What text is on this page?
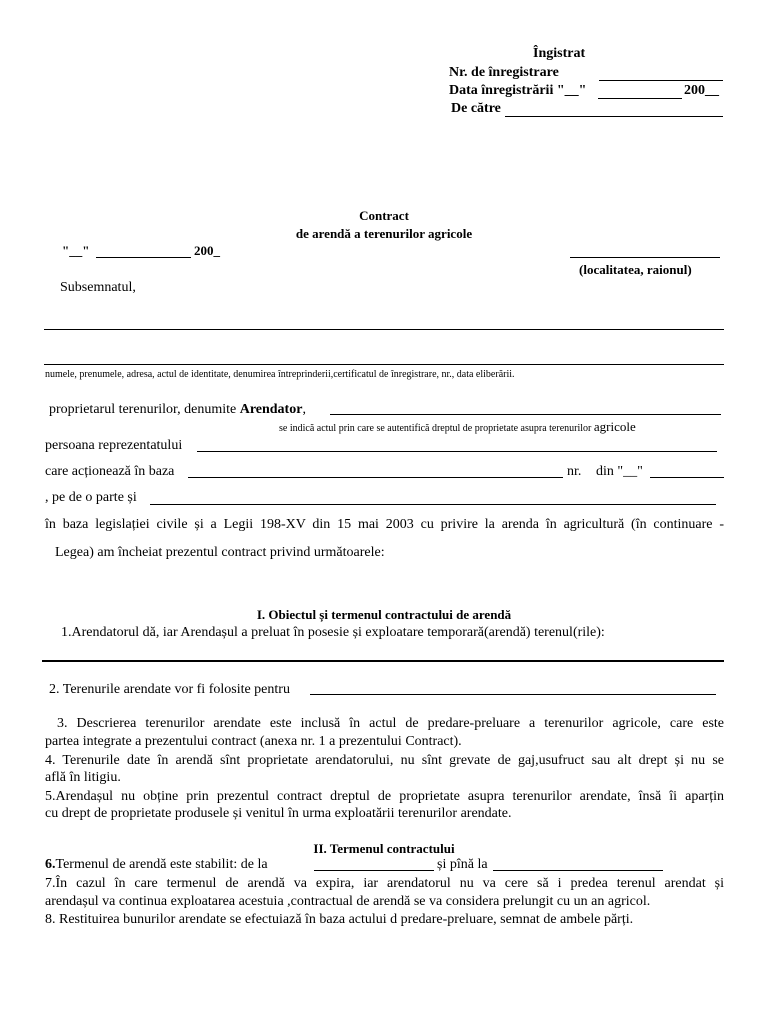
Îngistrat
Nr. de înregistrare
Data înregistrării "__"	200__
De către
Contract
de arendă a terenurilor agricole
"__"	200_
(localitatea, raionul)
Subsemnatul,
numele, prenumele, adresa, actul de identitate, denumirea întreprinderii,certificatul de înregistrare, nr., data eliberării.
proprietarul terenurilor, denumite Arendator,
se indică actul prin care se autentifică dreptul de proprietate asupra terenurilor agricole
persoana reprezentatului
care acționează în baza	nr. din "__"
, pe de o parte și
în baza legislației civile și a Legii 198-XV din 15 mai 2003 cu privire la arenda în agricultură (în continuare -
Legea) am încheiat prezentul contract privind următoarele:
I. Obiectul și termenul contractului de arendă
1.Arendatorul dă, iar Arendașul a preluat în posesie și exploatare temporară(arendă) terenul(rile):
2. Terenurile arendate vor fi folosite pentru
3. Descrierea terenurilor arendate este inclusă în actul de predare-preluare a terenurilor agricole, care este
partea integrate a prezentului contract (anexa nr. 1 a prezentului Contract).
4. Terenurile date în arendă sînt proprietate arendatorului, nu sînt grevate de gaj,usufruct sau alt drept și nu se
află în litigiu.
5.Arendașul nu obține prin prezentul contract dreptul de proprietate asupra terenurilor arendate, însă îi aparțin
cu drept de proprietate produsele și venitul în urma exploatării terenurilor arendate.
II. Termenul contractului
6.Termenul de arendă este stabilit: de la	și pînă la
7.În cazul în care termenul de arendă va expira, iar arendatorul nu va cere să i predea terenul arendat și
arendașul va continua exploatarea acestuia ,contractual de arendă se va considera prelungit cu un an agricol.
8. Restituirea bunurilor arendate se efectuiază în baza actului d predare-preluare, semnat de ambele părți.
